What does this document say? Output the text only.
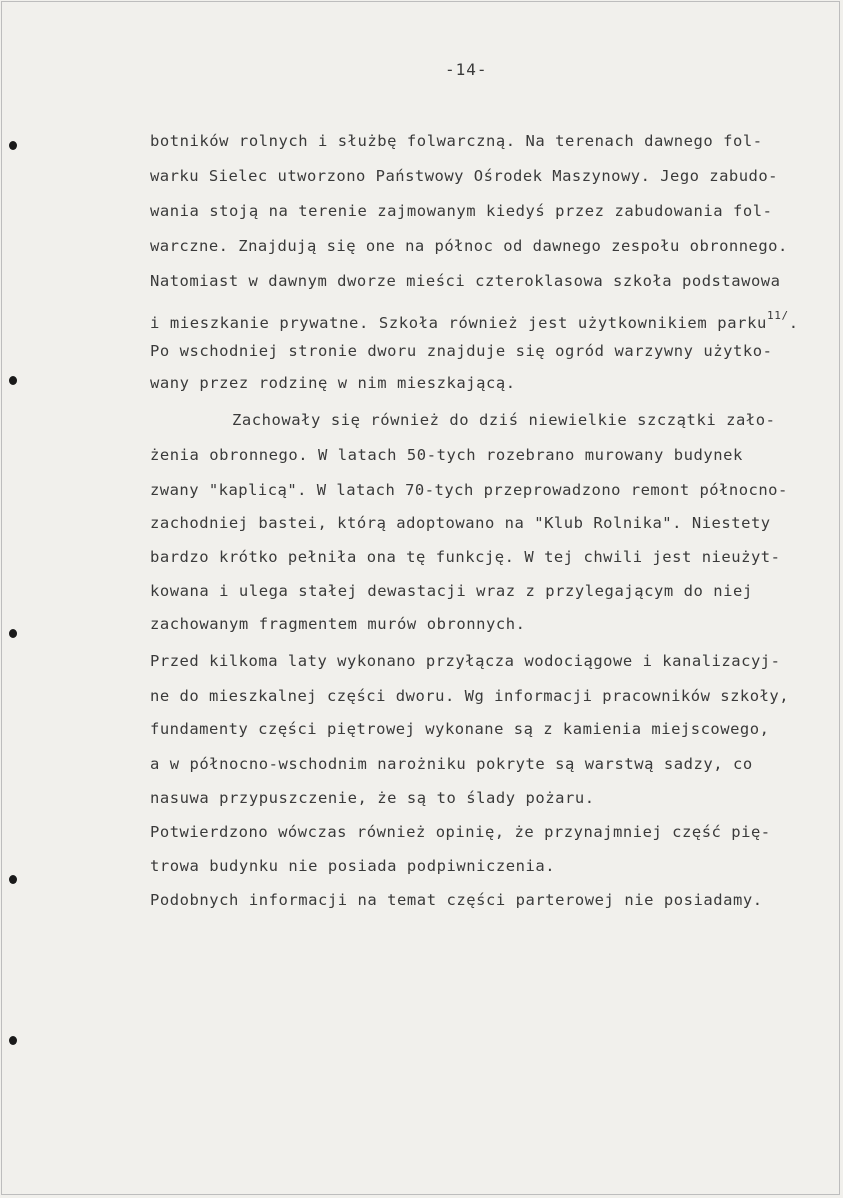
-14-
botników rolnych i służbę folwarczną. Na terenach dawnego fol-
warku Sielec utworzono Państwowy Ośrodek Maszynowy. Jego zabudo-
wania stoją na terenie zajmowanym kiedyś przez zabudowania fol-
warczne. Znajdują się one na północ od dawnego zespołu obronnego.
Natomiast w dawnym dworze mieści czteroklasowa szkoła podstawowa
i mieszkanie prywatne. Szkoła również jest użytkownikiem parku$^{11/}$.
Po wschodniej stronie dworu znajduje się ogród warzywny użytko-
wany przez rodzinę w nim mieszkającą.
Zachowały się również do dziś niewielkie szczątki zało-
żenia obronnego. W latach 50-tych rozebrano murowany budynek
zwany "kaplicą". W latach 70-tych przeprowadzono remont północno-
zachodniej bastei, którą adoptowano na "Klub Rolnika". Niestety
bardzo krótko pełniła ona tę funkcję. W tej chwili jest nieużyt-
kowana i ulega stałej dewastacji wraz z przylegającym do niej
zachowanym fragmentem murów obronnych.
Przed kilkoma laty wykonano przyłącza wodociągowe i kanalizacyj-
ne do mieszkalnej części dworu. Wg informacji pracowników szkoły,
fundamenty części piętrowej wykonane są z kamienia miejscowego,
a w północno-wschodnim narożniku pokryte są warstwą sadzy, co
nasuwa przypuszczenie, że są to ślady pożaru.
Potwierdzono wówczas również opinię, że przynajmniej część pię-
trowa budynku nie posiada podpiwniczenia.
Podobnych informacji na temat części parterowej nie posiadamy.
